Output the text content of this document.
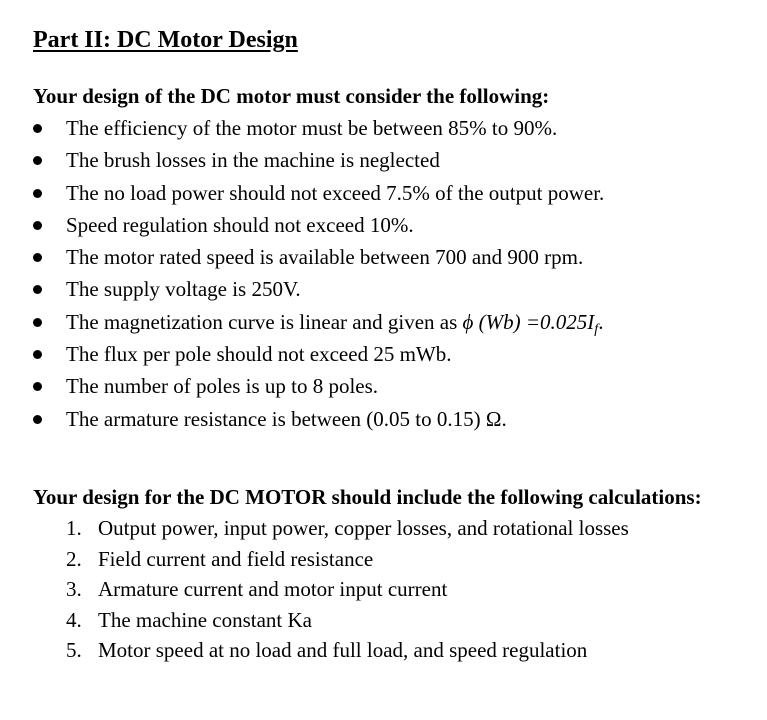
Part II: DC Motor Design
Your design of the DC motor must consider the following:
The efficiency of the motor must be between 85% to 90%.
The brush losses in the machine is neglected
The no load power should not exceed 7.5% of the output power.
Speed regulation should not exceed 10%.
The motor rated speed is available between 700 and 900 rpm.
The supply voltage is 250V.
The magnetization curve is linear and given as ϕ $(Wb) =0.025I_f$.
The flux per pole should not exceed 25 mWb.
The number of poles is up to 8 poles.
The armature resistance is between (0.05 to 0.15) Ω.
Your design for the DC MOTOR should include the following calculations:
1. Output power, input power, copper losses, and rotational losses
2. Field current and field resistance
3. Armature current and motor input current
4. The machine constant Ka
5. Motor speed at no load and full load, and speed regulation
